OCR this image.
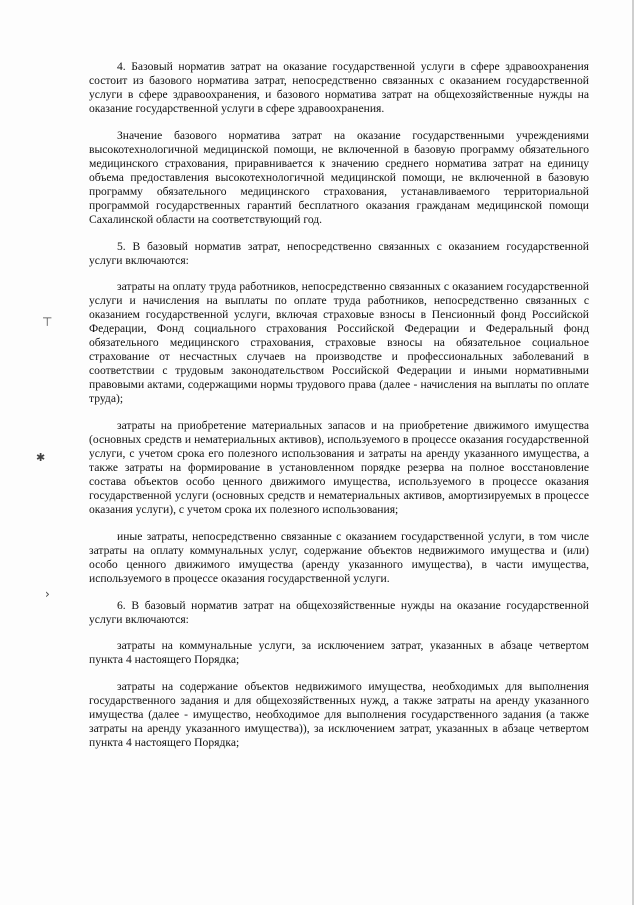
4. Базовый норматив затрат на оказание государственной услуги в сфере здравоохранения состоит из базового норматива затрат, непосредственно связанных с оказанием государственной услуги в сфере здравоохранения, и базового норматива затрат на общехозяйственные нужды на оказание государственной услуги в сфере здравоохранения.

Значение базового норматива затрат на оказание государственными учреждениями высокотехнологичной медицинской помощи, не включенной в базовую программу обязательного медицинского страхования, приравнивается к значению среднего норматива затрат на единицу объема предоставления высокотехнологичной медицинской помощи, не включенной в базовую программу обязательного медицинского страхования, устанавливаемого территориальной программой государственных гарантий бесплатного оказания гражданам медицинской помощи Сахалинской области на соответствующий год.

5. В базовый норматив затрат, непосредственно связанных с оказанием государственной услуги включаются:

затраты на оплату труда работников, непосредственно связанных с оказанием государственной услуги и начисления на выплаты по оплате труда работников, непосредственно связанных с оказанием государственной услуги, включая страховые взносы в Пенсионный фонд Российской Федерации, Фонд социального страхования Российской Федерации и Федеральный фонд обязательного медицинского страхования, страховые взносы на обязательное социальное страхование от несчастных случаев на производстве и профессиональных заболеваний в соответствии с трудовым законодательством Российской Федерации и иными нормативными правовыми актами, содержащими нормы трудового права (далее - начисления на выплаты по оплате труда);

затраты на приобретение материальных запасов и на приобретение движимого имущества (основных средств и нематериальных активов), используемого в процессе оказания государственной услуги, с учетом срока его полезного использования и затраты на аренду указанного имущества, а также затраты на формирование в установленном порядке резерва на полное восстановление состава объектов особо ценного движимого имущества, используемого в процессе оказания государственной услуги (основных средств и нематериальных активов, амортизируемых в процессе оказания услуги), с учетом срока их полезного использования;

иные затраты, непосредственно связанные с оказанием государственной услуги, в том числе затраты на оплату коммунальных услуг, содержание объектов недвижимого имущества и (или) особо ценного движимого имущества (аренду указанного имущества), в части имущества, используемого в процессе оказания государственной услуги.

6. В базовый норматив затрат на общехозяйственные нужды на оказание государственной услуги включаются:

затраты на коммунальные услуги, за исключением затрат, указанных в абзаце четвертом пункта 4 настоящего Порядка;

затраты на содержание объектов недвижимого имущества, необходимых для выполнения государственного задания и для общехозяйственных нужд, а также затраты на аренду указанного имущества (далее - имущество, необходимое для выполнения государственного задания (а также затраты на аренду указанного имущества)), за исключением затрат, указанных в абзаце четвертом пункта 4 настоящего Порядка;

⊤
✱
›
